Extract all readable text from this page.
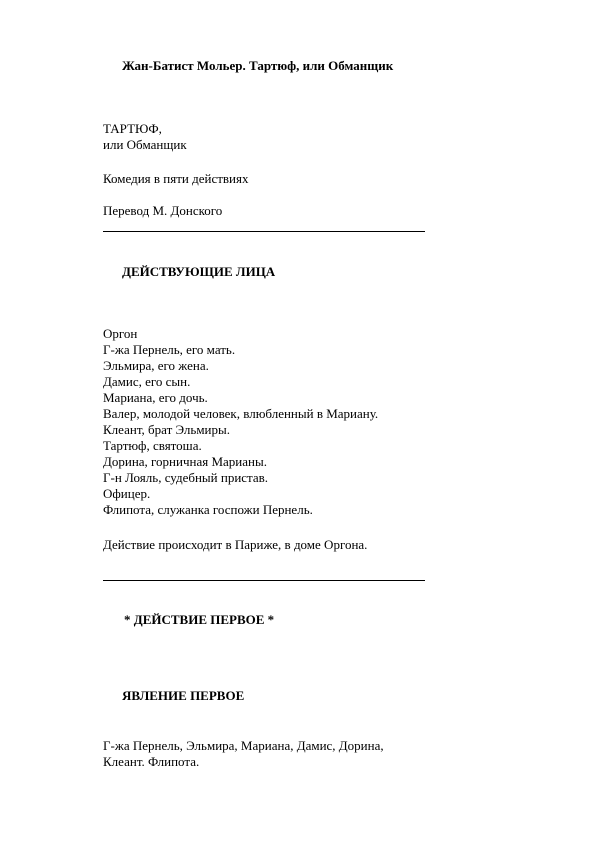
Жан-Батист Мольер. Тартюф, или Обманщик
ТАРТЮФ,
или Обманщик
Комедия в пяти действиях
Перевод М. Донского
ДЕЙСТВУЮЩИЕ ЛИЦА
Оргон
Г-жа Пернель, его мать.
Эльмира, его жена.
Дамис, его сын.
Мариана, его дочь.
Валер, молодой человек, влюбленный в Мариану.
Клеант, брат Эльмиры.
Тартюф, святоша.
Дорина, горничная Марианы.
Г-н Лояль, судебный пристав.
Офицер.
Флипота, служанка госпожи Пернель.
Действие происходит в Париже, в доме Оргона.
* ДЕЙСТВИЕ ПЕРВОЕ *
ЯВЛЕНИЕ ПЕРВОЕ
Г-жа Пернель, Эльмира, Мариана, Дамис, Дорина,
Клеант. Флипота.
